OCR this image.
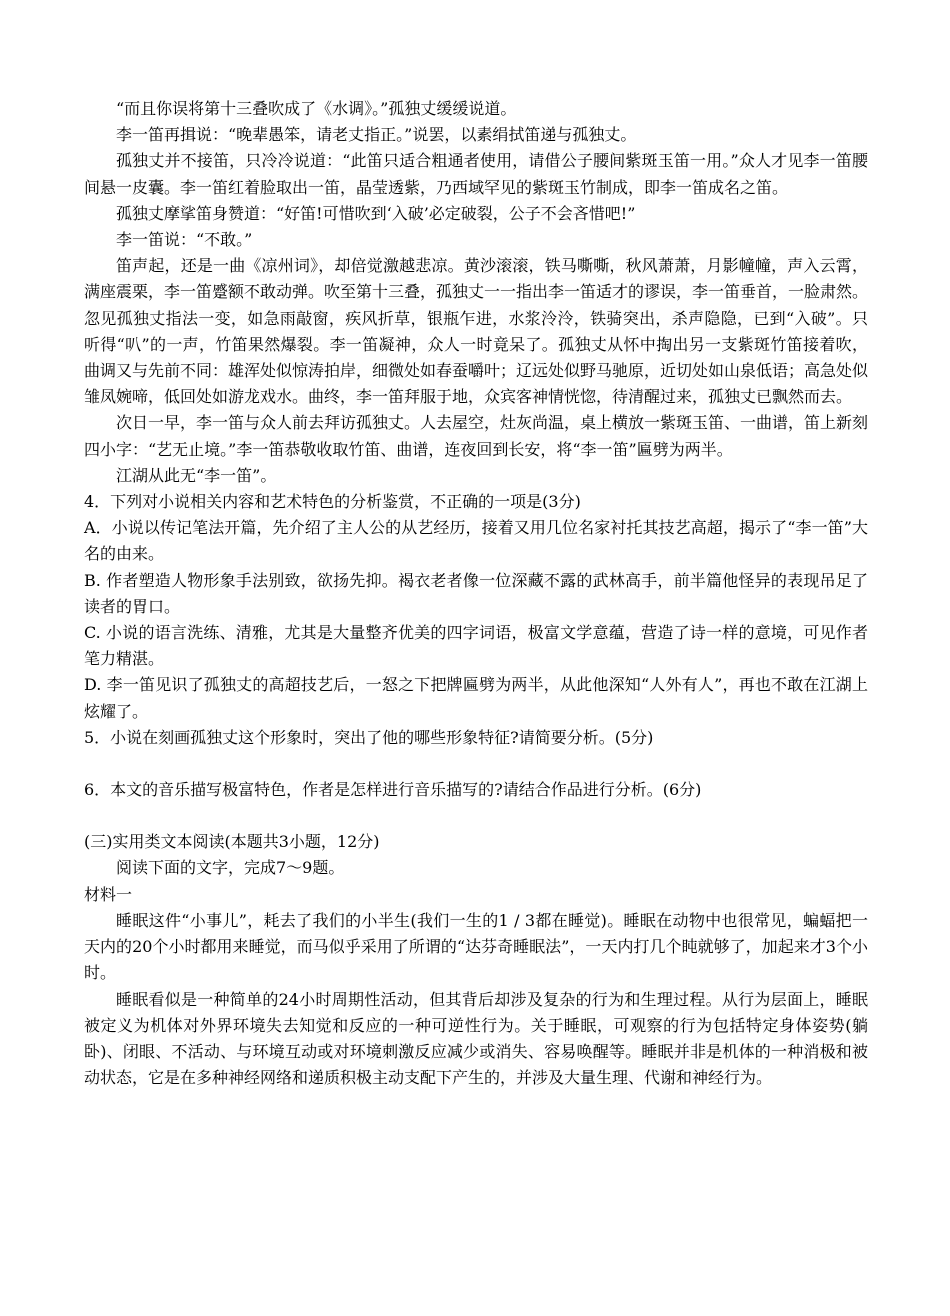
“而且你误将第十三叠吹成了《水调》。”孤独丈缓缓说道。

李一笛再揖说：“晚辈愚笨，请老丈指正。”说罢，以素绢拭笛递与孤独丈。

孤独丈并不接笛，只冷冷说道：“此笛只适合粗通者使用，请借公子腰间紫斑玉笛一用。”众人才见李一笛腰间悬一皮囊。李一笛红着脸取出一笛，晶莹透紫，乃西域罕见的紫斑玉竹制成，即李一笛成名之笛。

孤独丈摩挲笛身赞道：“好笛!可惜吹到‘入破’必定破裂，公子不会吝惜吧!”

李一笛说：“不敢。”

笛声起，还是一曲《凉州词》，却倍觉激越悲凉。黄沙滚滚，铁马嘶嘶，秋风萧萧，月影幢幢，声入云霄，满座震栗，李一笛蹙额不敢动弹。吹至第十三叠，孤独丈一一指出李一笛适才的谬误，李一笛垂首，一脸肃然。忽见孤独丈指法一变，如急雨敲窗，疾风折草，银瓶乍进，水浆泠泠，铁骑突出，杀声隐隐，已到“入破”。只听得“叭”的一声，竹笛果然爆裂。李一笛凝神，众人一时竟呆了。孤独丈从怀中掏出另一支紫斑竹笛接着吹，曲调又与先前不同：雄浑处似惊涛拍岸，细微处如春蚕嚼叶；辽远处似野马驰原，近切处如山泉低语；高急处似雏凤婉啼，低回处如游龙戏水。曲终，李一笛拜服于地，众宾客神情恍惚，待清醒过来，孤独丈已飘然而去。

次日一早，李一笛与众人前去拜访孤独丈。人去屋空，灶灰尚温，桌上横放一紫斑玉笛、一曲谱，笛上新刻四小字：“艺无止境。”李一笛恭敬收取竹笛、曲谱，连夜回到长安，将“李一笛”匾劈为两半。

江湖从此无“李一笛”。

4．下列对小说相关内容和艺术特色的分析鉴赏，不正确的一项是(3分)

A．小说以传记笔法开篇，先介绍了主人公的从艺经历，接着又用几位名家衬托其技艺高超，揭示了“李一笛”大名的由来。

B. 作者塑造人物形象手法别致，欲扬先抑。褐衣老者像一位深藏不露的武林高手，前半篇他怪异的表现吊足了读者的胃口。

C. 小说的语言洗练、清雅，尤其是大量整齐优美的四字词语，极富文学意蕴，营造了诗一样的意境，可见作者笔力精湛。

D. 李一笛见识了孤独丈的高超技艺后，一怒之下把牌匾劈为两半，从此他深知“人外有人”，再也不敢在江湖上炫耀了。

5．小说在刻画孤独丈这个形象时，突出了他的哪些形象特征?请简要分析。(5分)

6．本文的音乐描写极富特色，作者是怎样进行音乐描写的?请结合作品进行分析。(6分)

(三)实用类文本阅读(本题共3小题，12分)

阅读下面的文字，完成7～9题。

材料一

睡眠这件“小事儿”，耗去了我们的小半生(我们一生的1 / 3都在睡觉)。睡眠在动物中也很常见，蝙蝠把一天内的20个小时都用来睡觉，而马似乎采用了所谓的“达芬奇睡眠法”，一天内打几个盹就够了，加起来才3个小时。

睡眠看似是一种简单的24小时周期性活动，但其背后却涉及复杂的行为和生理过程。从行为层面上，睡眠被定义为机体对外界环境失去知觉和反应的一种可逆性行为。关于睡眠，可观察的行为包括特定身体姿势(躺卧)、闭眼、不活动、与环境互动或对环境刺激反应减少或消失、容易唤醒等。睡眠并非是机体的一种消极和被动状态，它是在多种神经网络和递质积极主动支配下产生的，并涉及大量生理、代谢和神经行为。
